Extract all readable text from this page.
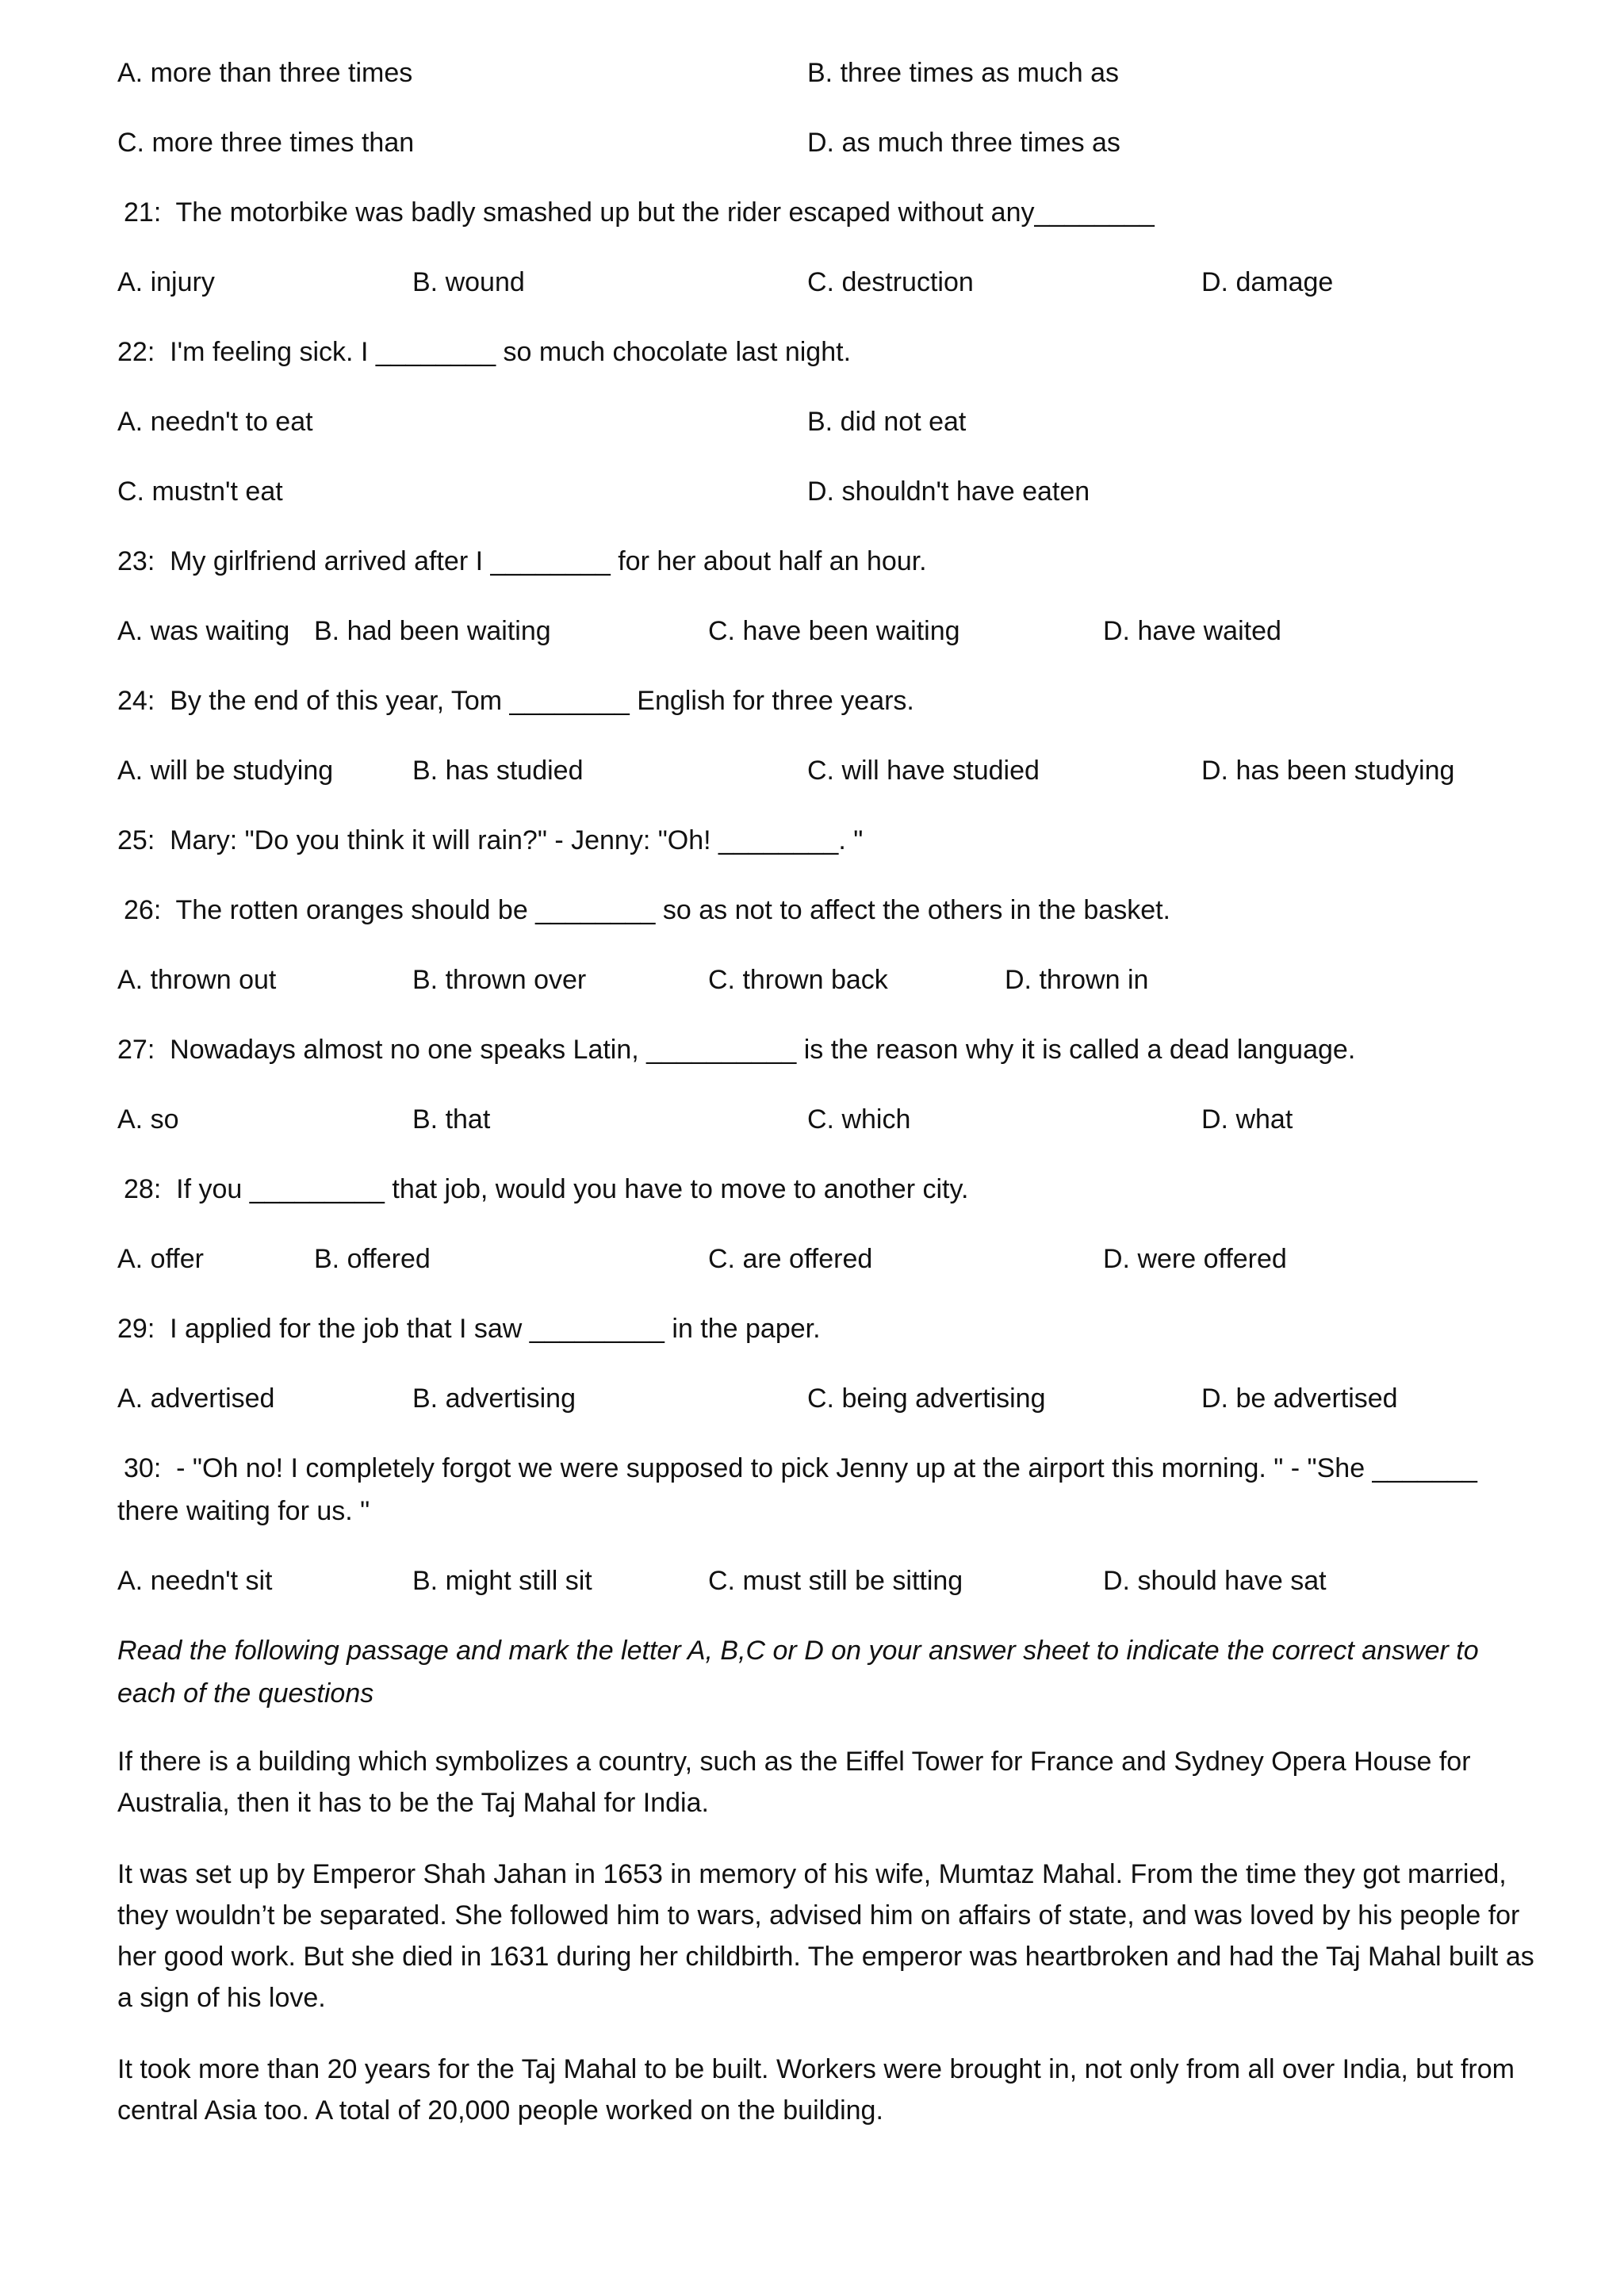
A. more than three times	B. three times as much as
C. more three times than	D. as much three times as
21:  The motorbike was badly smashed up but the rider escaped without any________
A. injury	B. wound	C. destruction	D. damage
22:  I'm feeling sick. I ________ so much chocolate last night.
A. needn't to eat	B. did not eat
C. mustn't eat	D. shouldn't have eaten
23:  My girlfriend arrived after I ________ for her about half an hour.
A. was waiting B. had been waiting	C. have been waiting	D. have waited
24:  By the end of this year, Tom ________ English for three years.
A. will be studying	B. has studied	C. will have studied	D. has been studying
25:  Mary: "Do you think it will rain?" - Jenny: "Oh! ________. "
26:  The rotten oranges should be ________ so as not to affect the others in the basket.
A. thrown out	B. thrown over	C. thrown back	D. thrown in
27:  Nowadays almost no one speaks Latin, __________ is the reason why it is called a dead language.
A. so	B. that	C. which	D. what
28:  If you _________ that job, would you have to move to another city.
A. offer	B. offered	C. are offered	D. were offered
29:  I applied for the job that I saw _________ in the paper.
A. advertised	B. advertising	C. being advertising	D. be advertised
30:  - "Oh no! I completely forgot we were supposed to pick Jenny up at the airport this morning. " - "She _______
there waiting for us. "
A. needn't sit	B. might still sit	C. must still be sitting	D. should have sat
Read the following passage and mark the letter A, B,C or D on your answer sheet to indicate the correct answer to
each of the questions
If there is a building which symbolizes a country, such as the Eiffel Tower for France and Sydney Opera House for Australia, then it has to be the Taj Mahal for India.
It was set up by Emperor Shah Jahan in 1653 in memory of his wife, Mumtaz Mahal. From the time they got married, they wouldn’t be separated. She followed him to wars, advised him on affairs of state, and was loved by his people for her good work. But she died in 1631 during her childbirth. The emperor was heartbroken and had the Taj Mahal built as a sign of his love.
It took more than 20 years for the Taj Mahal to be built. Workers were brought in, not only from all over India, but from central Asia too. A total of 20,000 people worked on the building.
